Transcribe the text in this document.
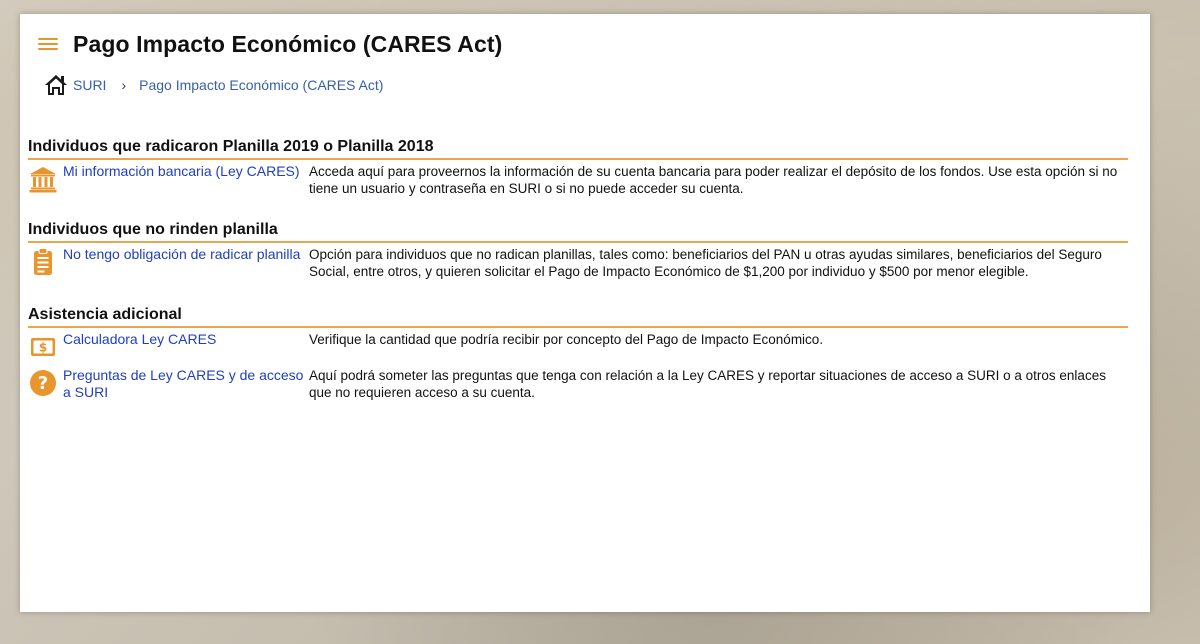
Pago Impacto Económico (CARES Act)
SURI › Pago Impacto Económico (CARES Act)
Individuos que radicaron Planilla 2019 o Planilla 2018
Mi información bancaria (Ley CARES) Acceda aquí para proveernos la información de su cuenta bancaria para poder realizar el depósito de los fondos. Use esta opción si no tiene un usuario y contraseña en SURI o si no puede acceder su cuenta.
Individuos que no rinden planilla
No tengo obligación de radicar planilla Opción para individuos que no radican planillas, tales como: beneficiarios del PAN u otras ayudas similares, beneficiarios del Seguro Social, entre otros, y quieren solicitar el Pago de Impacto Económico de $1,200 por individuo y $500 por menor elegible.
Asistencia adicional
$
Calculadora Ley CARES	Verifique la cantidad que podría recibir por concepto del Pago de Impacto Económico.
? Preguntas de Ley CARES y de acceso a SURI
Aquí podrá someter las preguntas que tenga con relación a la Ley CARES y reportar situaciones de acceso a SURI o a otros enlaces que no requieren acceso a su cuenta.
